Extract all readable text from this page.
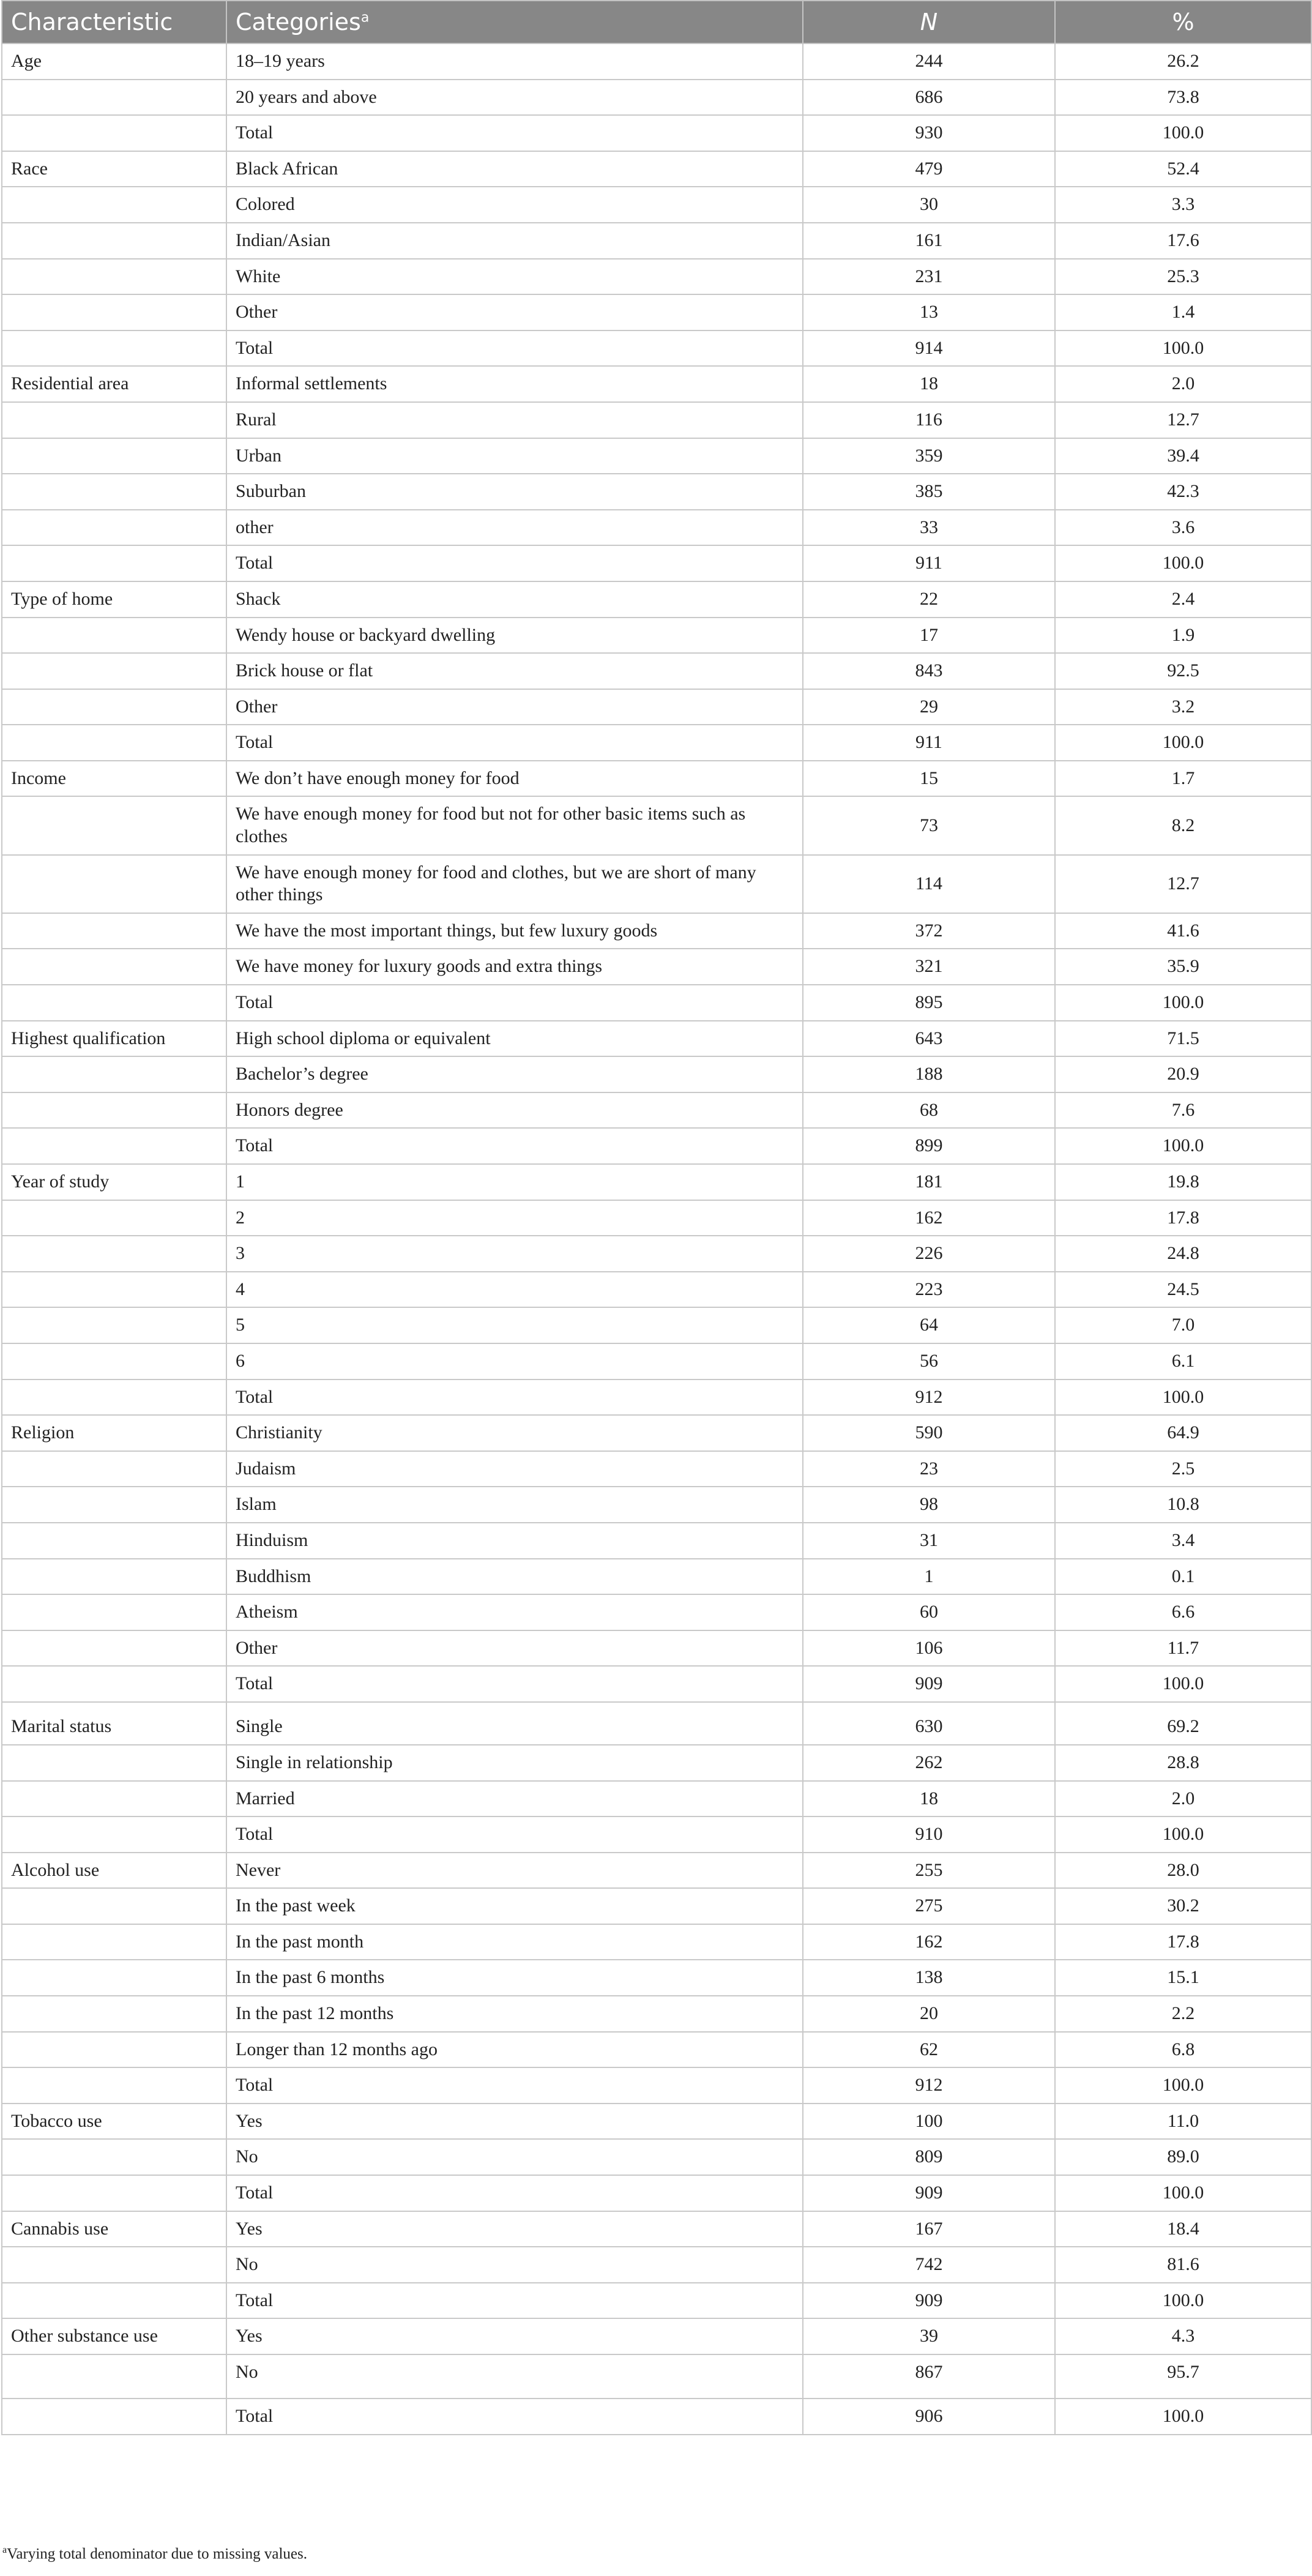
Characteristic	Categories$^a$	N	%
Age	18–19 years	244	26.2
	20 years and above	686	73.8
	Total	930	100.0
Race	Black African	479	52.4
	Colored	30	3.3
	Indian/Asian	161	17.6
	White	231	25.3
	Other	13	1.4
	Total	914	100.0
Residential area	Informal settlements	18	2.0
	Rural	116	12.7
	Urban	359	39.4
	Suburban	385	42.3
	other	33	3.6
	Total	911	100.0
Type of home	Shack	22	2.4
	Wendy house or backyard dwelling	17	1.9
	Brick house or flat	843	92.5
	Other	29	3.2
	Total	911	100.0
Income	We don’t have enough money for food	15	1.7
	We have enough money for food but not for other basic items such as clothes	73	8.2
	We have enough money for food and clothes, but we are short of many other things	114	12.7
	We have the most important things, but few luxury goods	372	41.6
	We have money for luxury goods and extra things	321	35.9
	Total	895	100.0
Highest qualification	High school diploma or equivalent	643	71.5
	Bachelor’s degree	188	20.9
	Honors degree	68	7.6
	Total	899	100.0
Year of study	1	181	19.8
	2	162	17.8
	3	226	24.8
	4	223	24.5
	5	64	7.0
	6	56	6.1
	Total	912	100.0
Religion	Christianity	590	64.9
	Judaism	23	2.5
	Islam	98	10.8
	Hinduism	31	3.4
	Buddhism	1	0.1
	Atheism	60	6.6
	Other	106	11.7
	Total	909	100.0
Marital status	Single	630	69.2
	Single in relationship	262	28.8
	Married	18	2.0
	Total	910	100.0
Alcohol use	Never	255	28.0
	In the past week	275	30.2
	In the past month	162	17.8
	In the past 6 months	138	15.1
	In the past 12 months	20	2.2
	Longer than 12 months ago	62	6.8
	Total	912	100.0
Tobacco use	Yes	100	11.0
	No	809	89.0
	Total	909	100.0
Cannabis use	Yes	167	18.4
	No	742	81.6
	Total	909	100.0
Other substance use	Yes	39	4.3
	No	867	95.7
	Total	906	100.0
$^a$Varying total denominator due to missing values.
